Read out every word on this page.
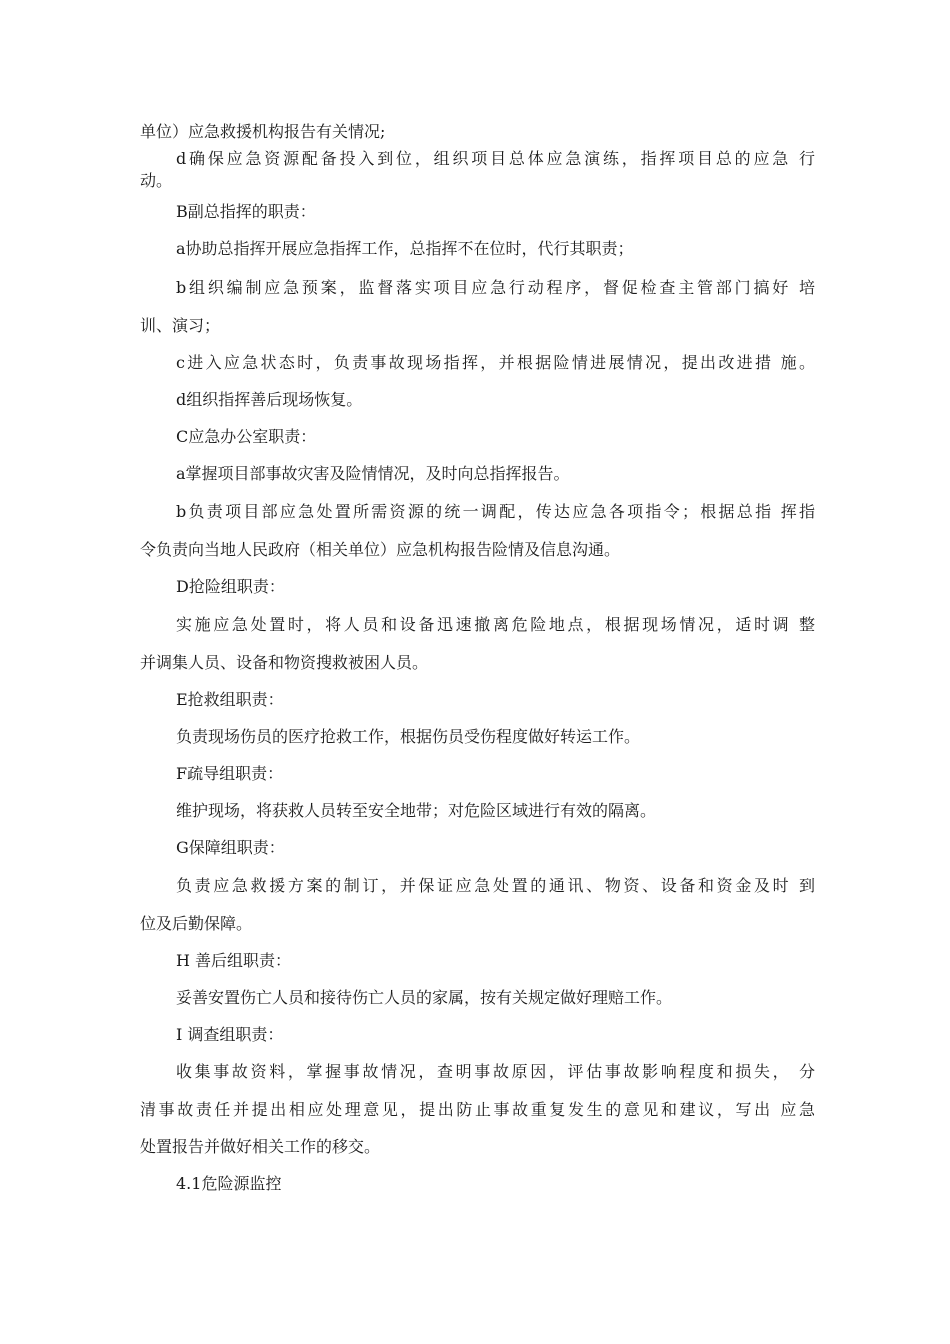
单位）应急救援机构报告有关情况;
d确保应急资源配备投入到位，组织项目总体应急演练，指挥项目总的应急 行
动。
B副总指挥的职责：
a协助总指挥开展应急指挥工作，总指挥不在位时，代行其职责；
b组织编制应急预案，监督落实项目应急行动程序，督促检查主管部门搞好 培
训、演习；
c进入应急状态时，负责事故现场指挥，并根据险情进展情况，提出改进措 施。
d组织指挥善后现场恢复。
C应急办公室职责：
a掌握项目部事故灾害及险情情况，及时向总指挥报告。
b负责项目部应急处置所需资源的统一调配，传达应急各项指令；根据总指 挥指
令负责向当地人民政府（相关单位）应急机构报告险情及信息沟通。
D抢险组职责：
实施应急处置时，将人员和设备迅速撤离危险地点，根据现场情况，适时调 整
并调集人员、设备和物资搜救被困人员。
E抢救组职责：
负责现场伤员的医疗抢救工作，根据伤员受伤程度做好转运工作。
F疏导组职责：
维护现场，将获救人员转至安全地带；对危险区域进行有效的隔离。
G保障组职责：
负责应急救援方案的制订，并保证应急处置的通讯、物资、设备和资金及时 到
位及后勤保障。
H 善后组职责：
妥善安置伤亡人员和接待伤亡人员的家属，按有关规定做好理赔工作。
I 调查组职责：
收集事故资料，掌握事故情况，查明事故原因，评估事故影响程度和损失， 分
清事故责任并提出相应处理意见，提出防止事故重复发生的意见和建议，写出 应急
处置报告并做好相关工作的移交。
4.1危险源监控
